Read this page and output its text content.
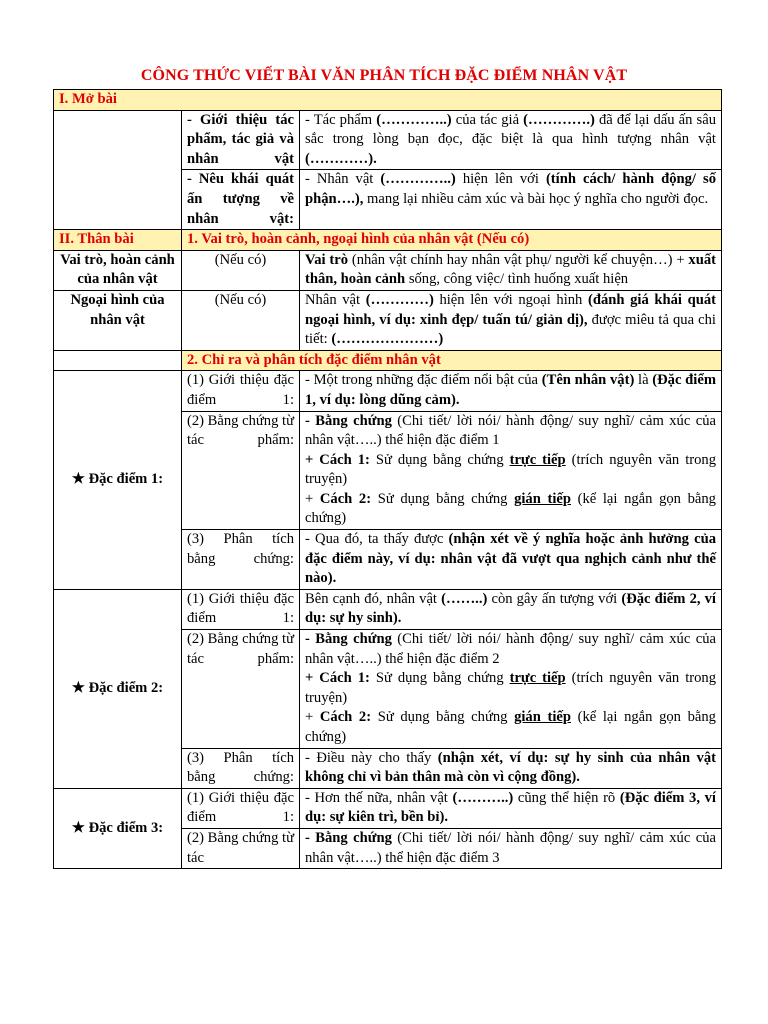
CÔNG THỨC VIẾT BÀI VĂN PHÂN TÍCH ĐẶC ĐIỂM NHÂN VẬT
I. Mở bài		
	- Giới thiệu tác phẩm, tác giả và nhân vật	- Tác phẩm (…………..) của tác giả (………….) đã để lại dấu ấn sâu sắc trong lòng bạn đọc, đặc biệt là qua hình tượng nhân vật (…………).
	- Nêu khái quát ấn tượng về nhân vật:	- Nhân vật (…………..) hiện lên với (tính cách/ hành động/ số phận….), mang lại nhiều cảm xúc và bài học ý nghĩa cho người đọc.
II. Thân bài	1. Vai trò, hoàn cảnh, ngoại hình của nhân vật (Nếu có)	
Vai trò, hoàn cảnh của nhân vật	(Nếu có)	Vai trò (nhân vật chính hay nhân vật phụ/ người kể chuyện…) + xuất thân, hoàn cảnh sống, công việc/ tình huống xuất hiện
Ngoại hình của nhân vật	(Nếu có)	Nhân vật (…………) hiện lên với ngoại hình (đánh giá khái quát ngoại hình, ví dụ: xinh đẹp/ tuấn tú/ giản dị), được miêu tả qua chi tiết: (…………………)
	2. Chỉ ra và phân tích đặc điểm nhân vật	
★ Đặc điểm 1:	(1) Giới thiệu đặc điểm 1:	- Một trong những đặc điểm nổi bật của (Tên nhân vật) là (Đặc điểm 1, ví dụ: lòng dũng cảm).
	(2) Bằng chứng từ tác phẩm:	- Bằng chứng (Chi tiết/ lời nói/ hành động/ suy nghĩ/ cảm xúc của nhân vật…..) thể hiện đặc điểm 1
+ Cách 1: Sử dụng bằng chứng trực tiếp (trích nguyên văn trong truyện)
+ Cách 2: Sử dụng bằng chứng gián tiếp (kể lại ngắn gọn bằng chứng)

	(3) Phân tích bằng chứng:	- Qua đó, ta thấy được (nhận xét về ý nghĩa hoặc ảnh hưởng của đặc điểm này, ví dụ: nhân vật đã vượt qua nghịch cảnh như thế nào).
★ Đặc điểm 2:	(1) Giới thiệu đặc điểm 1:	Bên cạnh đó, nhân vật (……..) còn gây ấn tượng với (Đặc điểm 2, ví dụ: sự hy sinh).
	(2) Bằng chứng từ tác phẩm:	- Bằng chứng (Chi tiết/ lời nói/ hành động/ suy nghĩ/ cảm xúc của nhân vật…..) thể hiện đặc điểm 2
+ Cách 1: Sử dụng bằng chứng trực tiếp (trích nguyên văn trong truyện)
+ Cách 2: Sử dụng bằng chứng gián tiếp (kể lại ngắn gọn bằng chứng)

	(3) Phân tích bằng chứng:	- Điều này cho thấy (nhận xét, ví dụ: sự hy sinh của nhân vật không chỉ vì bản thân mà còn vì cộng đồng).
★ Đặc điểm 3:	(1) Giới thiệu đặc điểm 1:	- Hơn thế nữa, nhân vật (………..) cũng thể hiện rõ (Đặc điểm 3, ví dụ: sự kiên trì, bền bỉ).
	(2) Bằng chứng từ tác	- Bằng chứng (Chi tiết/ lời nói/ hành động/ suy nghĩ/ cảm xúc của nhân vật…..) thể hiện đặc điểm 3
